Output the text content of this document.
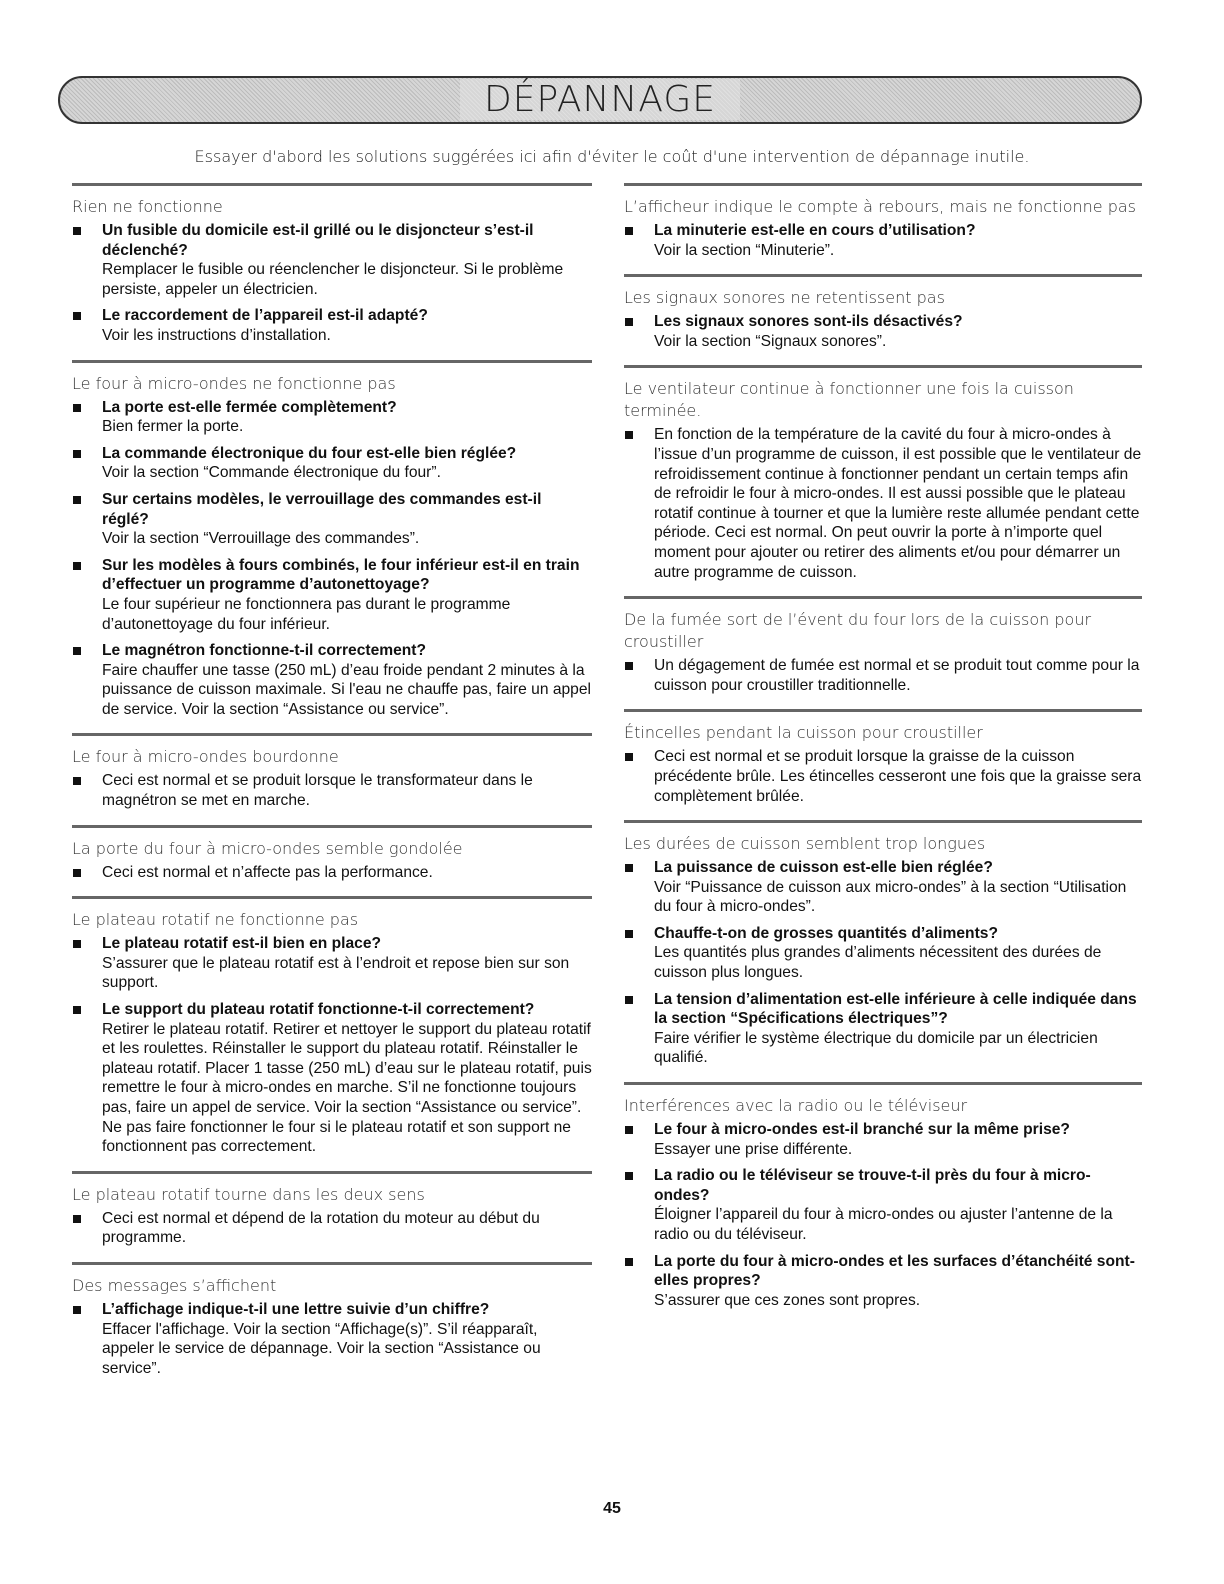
DÉPANNAGE
Essayer d'abord les solutions suggérées ici afin d'éviter le coût d'une intervention de dépannage inutile.
Rien ne fonctionne
Un fusible du domicile est-il grillé ou le disjoncteur s’est-il déclenché?
Remplacer le fusible ou réenclencher le disjoncteur. Si le problème persiste, appeler un électricien.
Le raccordement de l’appareil est-il adapté?
Voir les instructions d’installation.
Le four à micro-ondes ne fonctionne pas
La porte est-elle fermée complètement?
Bien fermer la porte.
La commande électronique du four est-elle bien réglée?
Voir la section “Commande électronique du four”.
Sur certains modèles, le verrouillage des commandes est-il réglé?
Voir la section “Verrouillage des commandes”.
Sur les modèles à fours combinés, le four inférieur est-il en train d’effectuer un programme d’autonettoyage?
Le four supérieur ne fonctionnera pas durant le programme d’autonettoyage du four inférieur.
Le magnétron fonctionne-t-il correctement?
Faire chauffer une tasse (250 mL) d’eau froide pendant 2 minutes à la puissance de cuisson maximale. Si l'eau ne chauffe pas, faire un appel de service. Voir la section “Assistance ou service”.
Le four à micro-ondes bourdonne
Ceci est normal et se produit lorsque le transformateur dans le magnétron se met en marche.
La porte du four à micro-ondes semble gondolée
Ceci est normal et n’affecte pas la performance.
Le plateau rotatif ne fonctionne pas
Le plateau rotatif est-il bien en place?
S’assurer que le plateau rotatif est à l’endroit et repose bien sur son support.
Le support du plateau rotatif fonctionne-t-il correctement?
Retirer le plateau rotatif. Retirer et nettoyer le support du plateau rotatif et les roulettes. Réinstaller le support du plateau rotatif. Réinstaller le plateau rotatif. Placer 1 tasse (250 mL) d’eau sur le plateau rotatif, puis remettre le four à micro-ondes en marche. S’il ne fonctionne toujours pas, faire un appel de service. Voir la section “Assistance ou service”. Ne pas faire fonctionner le four si le plateau rotatif et son support ne fonctionnent pas correctement.
Le plateau rotatif tourne dans les deux sens
Ceci est normal et dépend de la rotation du moteur au début du programme.
Des messages s’affichent
L’affichage indique-t-il une lettre suivie d’un chiffre?
Effacer l'affichage. Voir la section “Affichage(s)”. S’il réapparaît, appeler le service de dépannage. Voir la section “Assistance ou service”.
L’afficheur indique le compte à rebours, mais ne fonctionne pas
La minuterie est-elle en cours d’utilisation?
Voir la section “Minuterie”.
Les signaux sonores ne retentissent pas
Les signaux sonores sont-ils désactivés?
Voir la section “Signaux sonores”.
Le ventilateur continue à fonctionner une fois la cuisson terminée.
En fonction de la température de la cavité du four à micro-ondes à l’issue d’un programme de cuisson, il est possible que le ventilateur de refroidissement continue à fonctionner pendant un certain temps afin de refroidir le four à micro-ondes. Il est aussi possible que le plateau rotatif continue à tourner et que la lumière reste allumée pendant cette période. Ceci est normal. On peut ouvrir la porte à n’importe quel moment pour ajouter ou retirer des aliments et/ou pour démarrer un autre programme de cuisson.
De la fumée sort de l’évent du four lors de la cuisson pour croustiller
Un dégagement de fumée est normal et se produit tout comme pour la cuisson pour croustiller traditionnelle.
Étincelles pendant la cuisson pour croustiller
Ceci est normal et se produit lorsque la graisse de la cuisson précédente brûle. Les étincelles cesseront une fois que la graisse sera complètement brûlée.
Les durées de cuisson semblent trop longues
La puissance de cuisson est-elle bien réglée?
Voir “Puissance de cuisson aux micro-ondes” à la section “Utilisation du four à micro-ondes”.
Chauffe-t-on de grosses quantités d’aliments?
Les quantités plus grandes d’aliments nécessitent des durées de cuisson plus longues.
La tension d’alimentation est-elle inférieure à celle indiquée dans la section “Spécifications électriques”?
Faire vérifier le système électrique du domicile par un électricien qualifié.
Interférences avec la radio ou le téléviseur
Le four à micro-ondes est-il branché sur la même prise?
Essayer une prise différente.
La radio ou le téléviseur se trouve-t-il près du four à micro-ondes?
Éloigner l’appareil du four à micro-ondes ou ajuster l’antenne de la radio ou du téléviseur.
La porte du four à micro-ondes et les surfaces d’étanchéité sont-elles propres?
S’assurer que ces zones sont propres.
45
